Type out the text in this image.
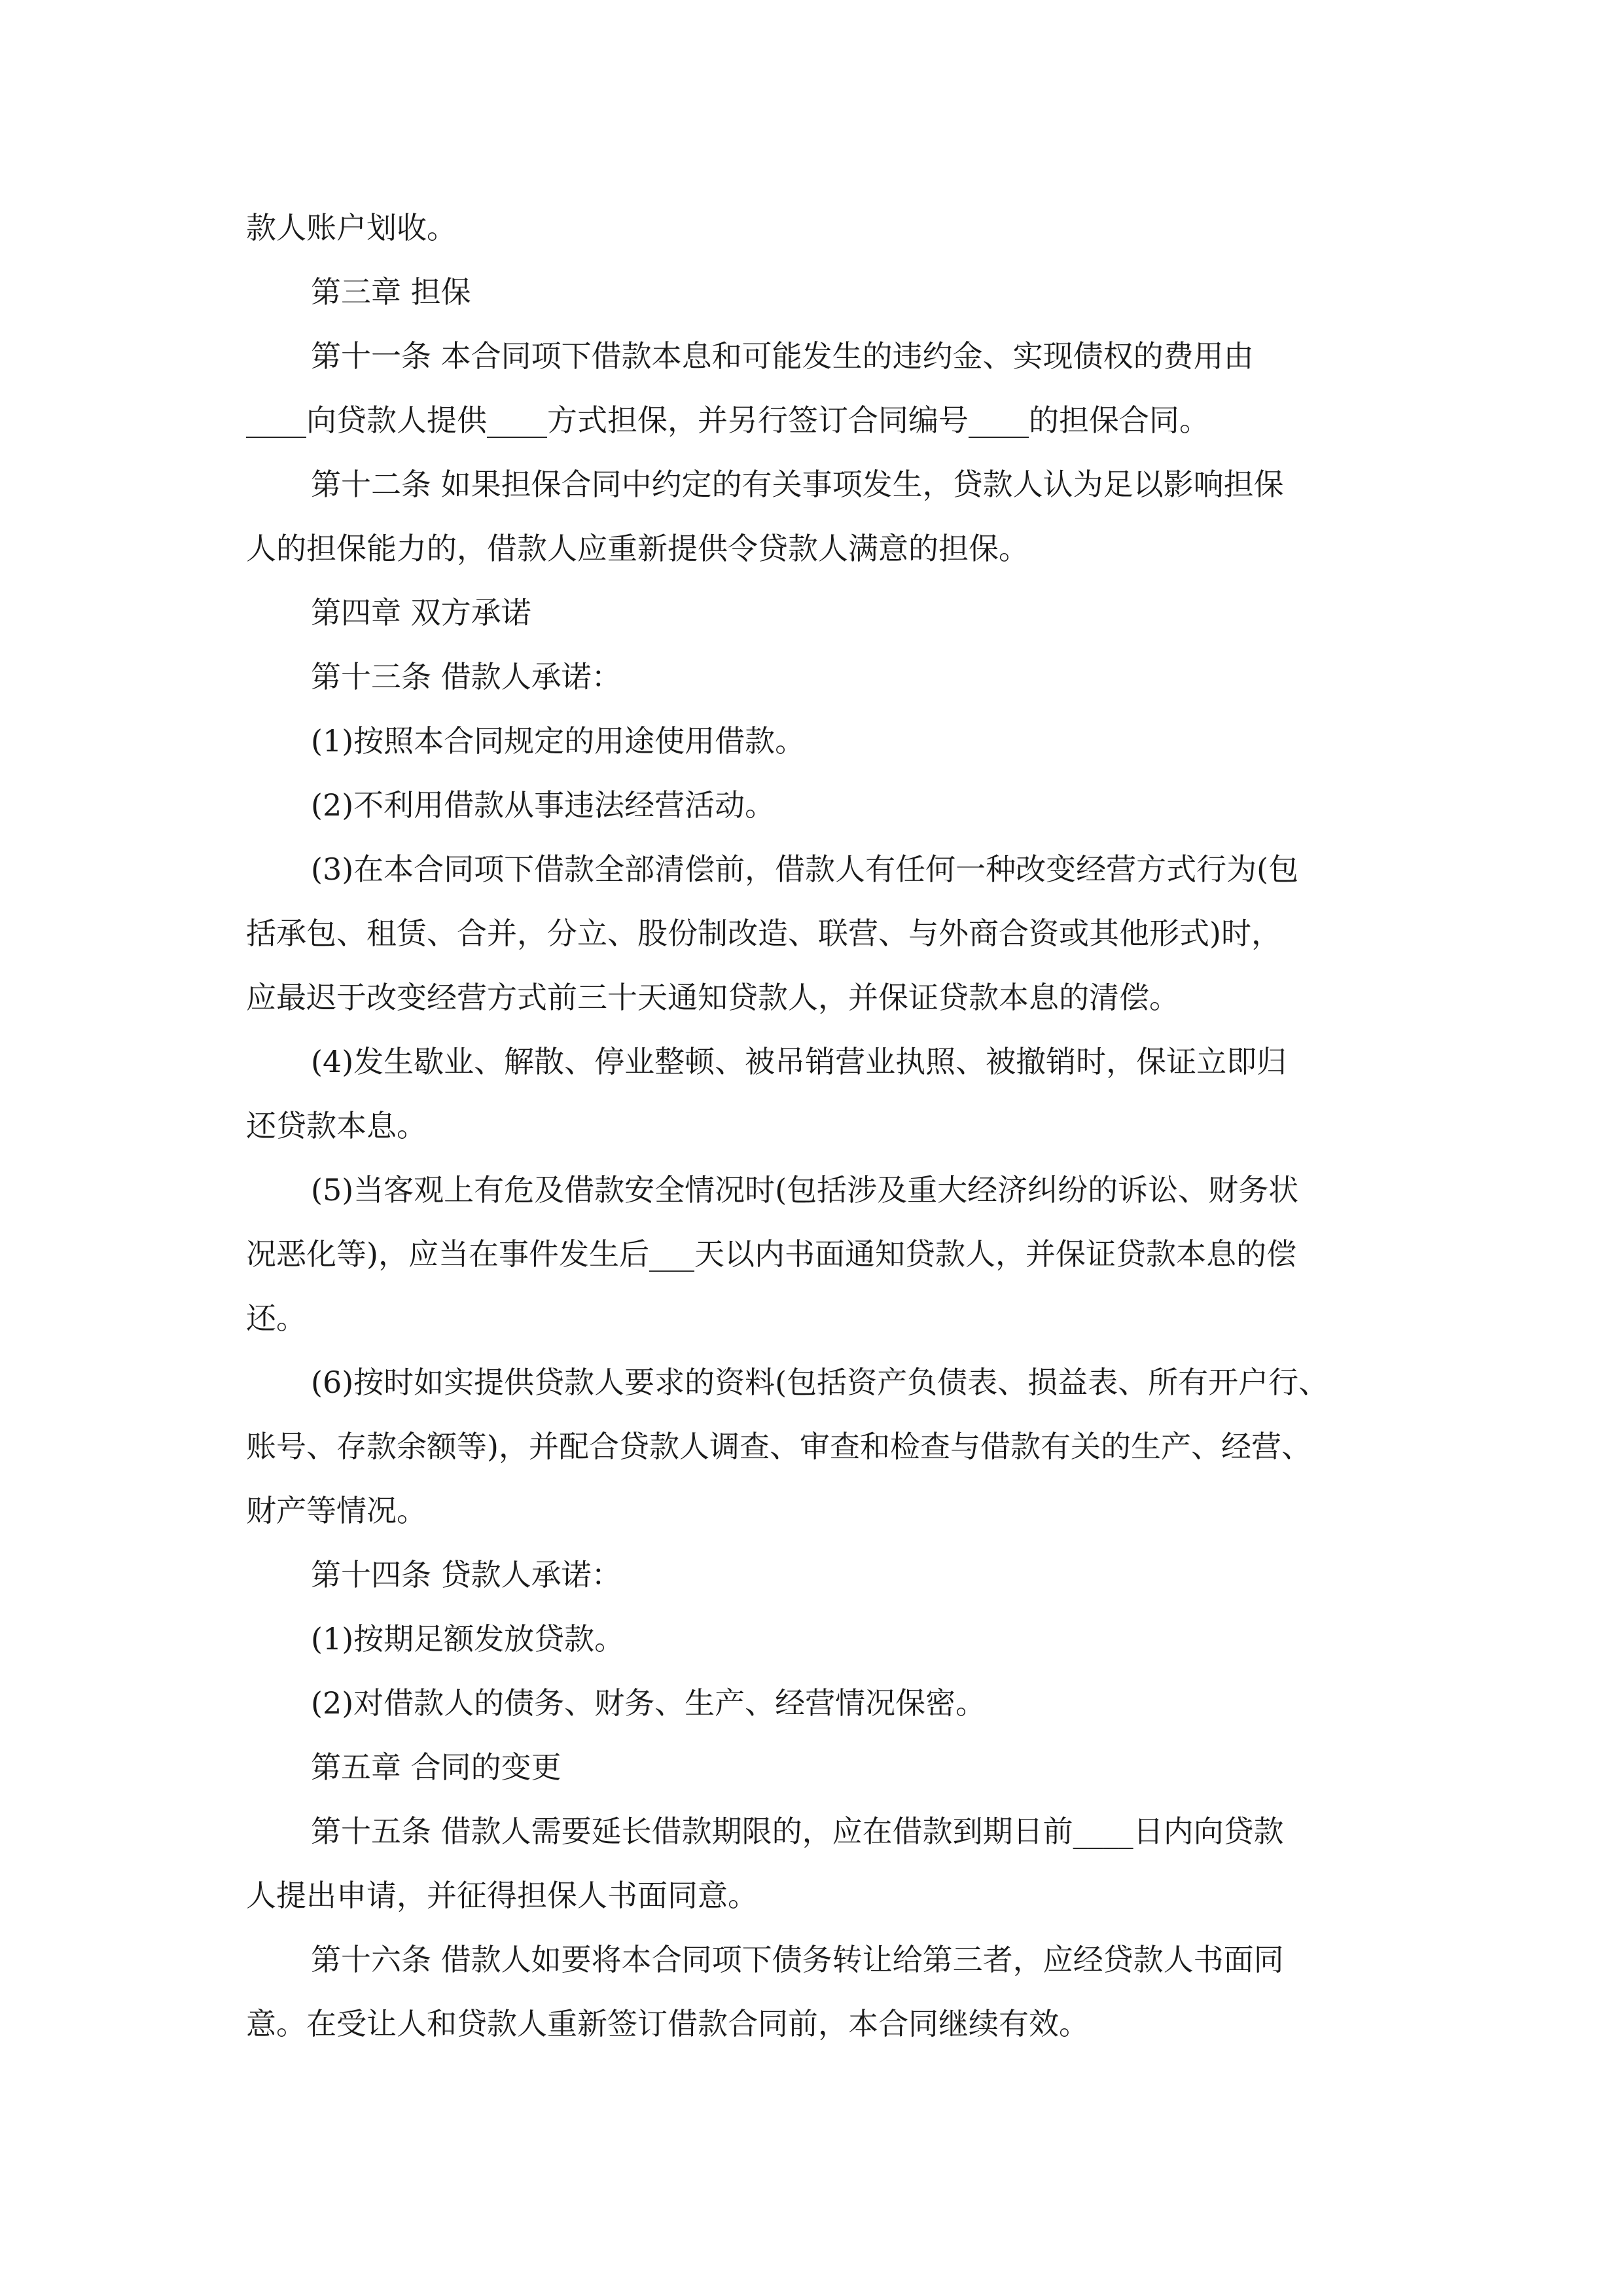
款人账户划收。
第三章 担保
第十一条 本合同项下借款本息和可能发生的违约金、实现债权的费用由
____向贷款人提供____方式担保，并另行签订合同编号____的担保合同。
第十二条 如果担保合同中约定的有关事项发生，贷款人认为足以影响担保
人的担保能力的，借款人应重新提供令贷款人满意的担保。
第四章 双方承诺
第十三条 借款人承诺：
(1)按照本合同规定的用途使用借款。
(2)不利用借款从事违法经营活动。
(3)在本合同项下借款全部清偿前，借款人有任何一种改变经营方式行为(包
括承包、租赁、合并，分立、股份制改造、联营、与外商合资或其他形式)时，
应最迟于改变经营方式前三十天通知贷款人，并保证贷款本息的清偿。
(4)发生歇业、解散、停业整顿、被吊销营业执照、被撤销时，保证立即归
还贷款本息。
(5)当客观上有危及借款安全情况时(包括涉及重大经济纠纷的诉讼、财务状
况恶化等)，应当在事件发生后___天以内书面通知贷款人，并保证贷款本息的偿
还。
(6)按时如实提供贷款人要求的资料(包括资产负债表、损益表、所有开户行、
账号、存款余额等)，并配合贷款人调查、审查和检查与借款有关的生产、经营、
财产等情况。
第十四条 贷款人承诺：
(1)按期足额发放贷款。
(2)对借款人的债务、财务、生产、经营情况保密。
第五章 合同的变更
第十五条 借款人需要延长借款期限的，应在借款到期日前____日内向贷款
人提出申请，并征得担保人书面同意。
第十六条 借款人如要将本合同项下债务转让给第三者，应经贷款人书面同
意。在受让人和贷款人重新签订借款合同前，本合同继续有效。
